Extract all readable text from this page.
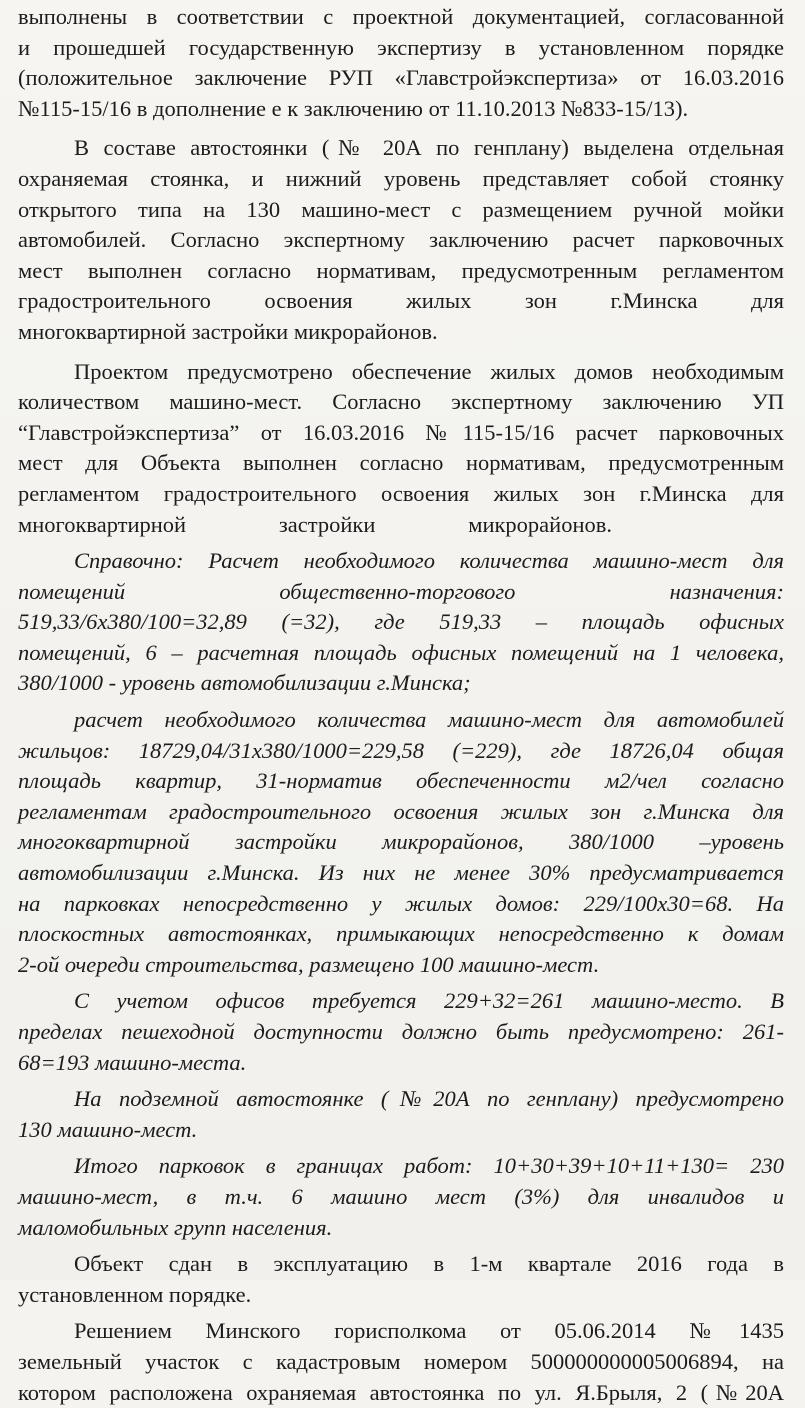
выполнены в соответствии с проектной документацией, согласованной
и прошедшей государственную экспертизу в установленном порядке
(положительное заключение РУП «Главстройэкспертиза» от 16.03.2016
№115-15/16 в дополнение е к заключению от 11.10.2013 №833-15/13).
В составе автостоянки (№ 20А по генплану) выделена отдельная
охраняемая стоянка, и нижний уровень представляет собой стоянку
открытого типа на 130 машино-мест с размещением ручной мойки
автомобилей. Согласно экспертному заключению расчет парковочных
мест выполнен согласно нормативам, предусмотренным регламентом
градостроительного освоения жилых зон г.Минска для
многоквартирной застройки микрорайонов.
Проектом предусмотрено обеспечение жилых домов необходимым
количеством машино-мест. Согласно экспертному заключению УП
“Главстройэкспертиза” от 16.03.2016 №115-15/16 расчет парковочных
мест для Объекта выполнен согласно нормативам, предусмотренным
регламентом градостроительного освоения жилых зон г.Минска для
многоквартирной застройки микрорайонов.
Справочно: Расчет необходимого количества машино-мест для
помещений общественно-торгового назначения:
519,33/6х380/100=32,89 (=32), где 519,33 – площадь офисных
помещений, 6 – расчетная площадь офисных помещений на 1 человека,
380/1000 - уровень автомобилизации г.Минска;
расчет необходимого количества машино-мест для автомобилей
жильцов: 18729,04/31х380/1000=229,58 (=229), где 18726,04 общая
площадь квартир, 31-норматив обеспеченности м2/чел согласно
регламентам градостроительного освоения жилых зон г.Минска для
многоквартирной застройки микрорайонов, 380/1000 –уровень
автомобилизации г.Минска. Из них не менее 30% предусматривается
на парковках непосредственно у жилых домов: 229/100х30=68. На
плоскостных автостоянках, примыкающих непосредственно к домам
2-ой очереди строительства, размещено 100 машино-мест.
С учетом офисов требуется 229+32=261 машино-место. В
пределах пешеходной доступности должно быть предусмотрено: 261-
68=193 машино-места.
На подземной автостоянке (№20А по генплану) предусмотрено
130 машино-мест.
Итого парковок в границах работ: 10+30+39+10+11+130= 230
машино-мест, в т.ч. 6 машино мест (3%) для инвалидов и
маломобильных групп населения.
Объект сдан в эксплуатацию в 1-м квартале 2016 года в
установленном порядке.
Решением Минского горисполкома от 05.06.2014 №1435
земельный участок с кадастровым номером 500000000005006894, на
котором расположена охраняемая автостоянка по ул. Я.Брыля, 2 (№20А
